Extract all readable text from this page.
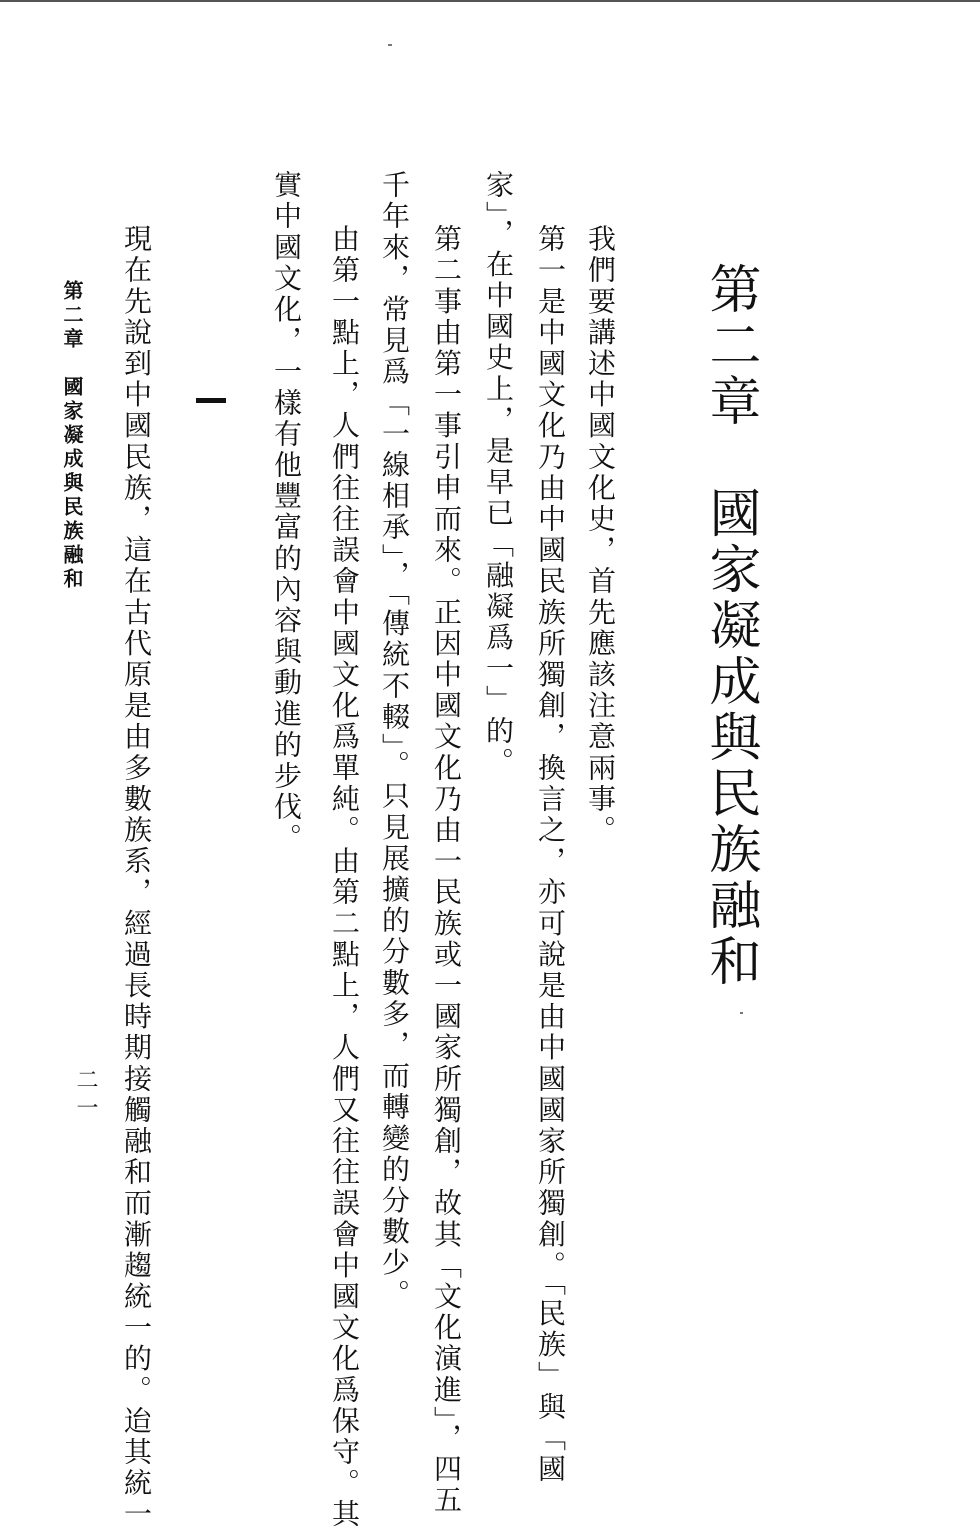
第二章　國家凝成與民族融和
我們要講述中國文化史，首先應該注意兩事。
第一是中國文化乃由中國民族所獨創，換言之，亦可說是由中國國家所獨創。「民族」與「國
家」，在中國史上，是早已「融凝爲一」的。
第二事由第一事引申而來。正因中國文化乃由一民族或一國家所獨創，故其「文化演進」，四五
千年來，常見爲「一線相承」，「傳統不輟」。只見展擴的分數多，而轉變的分數少。
由第一點上，人們往往誤會中國文化爲單純。由第二點上，人們又往往誤會中國文化爲保守。其
實中國文化，一樣有他豐富的內容與動進的步伐。
現在先說到中國民族，這在古代原是由多數族系，經過長時期接觸融和而漸趨統一的。迨其統一
第二章　國家凝成與民族融和
二一
